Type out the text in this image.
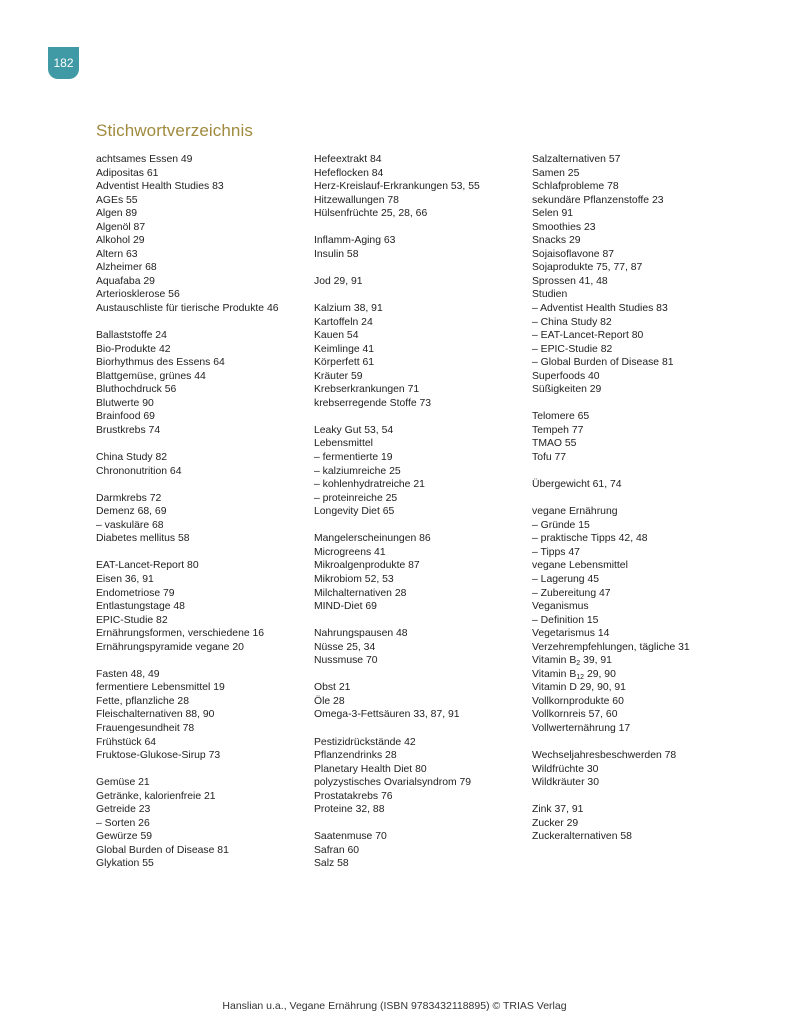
182
Stichwortverzeichnis
achtsames Essen 49
Adipositas 61
Adventist Health Studies 83
AGEs 55
Algen 89
Algenöl 87
Alkohol 29
Altern 63
Alzheimer 68
Aquafaba 29
Arteriosklerose 56
Austauschliste für tierische Produkte 46
Ballaststoffe 24
Bio-Produkte 42
Biorhythmus des Essens 64
Blattgemüse, grünes 44
Bluthochdruck 56
Blutwerte 90
Brainfood 69
Brustkrebs 74
China Study 82
Chrononutrition 64
Darmkrebs 72
Demenz 68, 69
– vaskuläre 68
Diabetes mellitus 58
EAT-Lancet-Report 80
Eisen 36, 91
Endometriose 79
Entlastungstage 48
EPIC-Studie 82
Ernährungsformen, verschiedene 16
Ernährungspyramide vegane 20
Fasten 48, 49
fermentiere Lebensmittel 19
Fette, pflanzliche 28
Fleischalternativen 88, 90
Frauengesundheit 78
Frühstück 64
Fruktose-Glukose-Sirup 73
Gemüse 21
Getränke, kalorienfreie 21
Getreide 23
– Sorten 26
Gewürze 59
Global Burden of Disease 81
Glykation 55
Hefeextrakt 84
Hefeflocken 84
Herz-Kreislauf-Erkrankungen 53, 55
Hitzewallungen 78
Hülsenfrüchte 25, 28, 66
Inflamm-Aging 63
Insulin 58
Jod 29, 91
Kalzium 38, 91
Kartoffeln 24
Kauen 54
Keimlinge 41
Körperfett 61
Kräuter 59
Krebserkrankungen 71
krebserregende Stoffe 73
Leaky Gut 53, 54
Lebensmittel
– fermentierte 19
– kalziumreiche 25
– kohlenhydratreiche 21
– proteinreiche 25
Longevity Diet 65
Mangelerscheinungen 86
Microgreens 41
Mikroalgenprodukte 87
Mikrobiom 52, 53
Milchalternativen 28
MIND-Diet 69
Nahrungspausen 48
Nüsse 25, 34
Nussmuse 70
Obst 21
Öle 28
Omega-3-Fettsäuren 33, 87, 91
Pestizidrückstände 42
Pflanzendrinks 28
Planetary Health Diet 80
polyzystisches Ovarialsyndrom 79
Prostatakrebs 76
Proteine 32, 88
Saatenmuse 70
Safran 60
Salz 58
Salzalternativen 57
Samen 25
Schlafprobleme 78
sekundäre Pflanzenstoffe 23
Selen 91
Smoothies 23
Snacks 29
Sojaisoflavone 87
Sojaprodukte 75, 77, 87
Sprossen 41, 48
Studien
– Adventist Health Studies 83
– China Study 82
– EAT-Lancet-Report 80
– EPIC-Studie 82
– Global Burden of Disease 81
Superfoods 40
Süßigkeiten 29
Telomere 65
Tempeh 77
TMAO 55
Tofu 77
Übergewicht 61, 74
vegane Ernährung
– Gründe 15
– praktische Tipps 42, 48
– Tipps 47
vegane Lebensmittel
– Lagerung 45
– Zubereitung 47
Veganismus
– Definition 15
Vegetarismus 14
Verzehrempfehlungen, tägliche 31
Vitamin $B_2$ 39, 91
Vitamin $B_{12}$ 29, 90
Vitamin D 29, 90, 91
Vollkornprodukte 60
Vollkornreis 57, 60
Vollwerternährung 17
Wechseljahresbeschwerden 78
Wildfrüchte 30
Wildkräuter 30
Zink 37, 91
Zucker 29
Zuckeralternativen 58
Hanslian u.a., Vegane Ernährung (ISBN 9783432118895) © TRIAS Verlag
